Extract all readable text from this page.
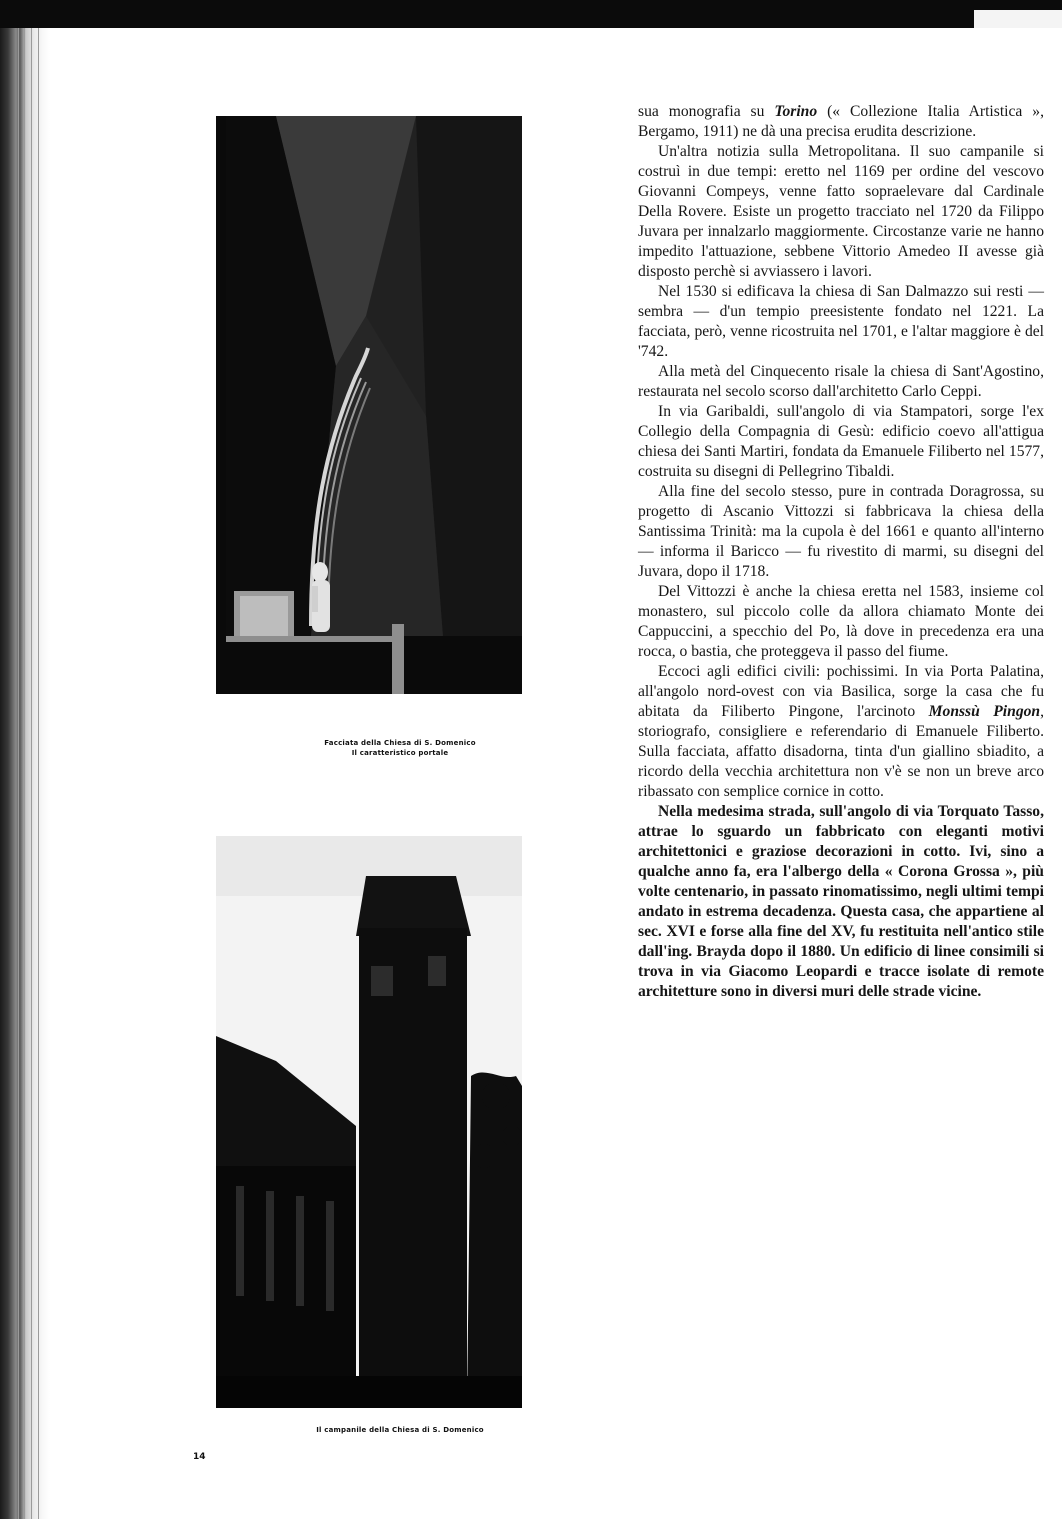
Facciata della Chiesa di S. Domenico
Il caratteristico portale
Il campanile della Chiesa di S. Domenico
14

sua monografia su Torino (« Collezione Italia Artistica », Bergamo, 1911) ne dà una precisa erudita descrizione.

Un'altra notizia sulla Metropolitana. Il suo campanile si costruì in due tempi: eretto nel 1169 per ordine del vescovo Giovanni Compeys, venne fatto sopraelevare dal Cardinale Della Rovere. Esiste un progetto tracciato nel 1720 da Filippo Juvara per innalzarlo maggiormente. Circostanze varie ne hanno impedito l'attuazione, sebbene Vittorio Amedeo II avesse già disposto perchè si avviassero i lavori.

Nel 1530 si edificava la chiesa di San Dalmazzo sui resti — sembra — d'un tempio preesistente fondato nel 1221. La facciata, però, venne ricostruita nel 1701, e l'altar maggiore è del '742.

Alla metà del Cinquecento risale la chiesa di Sant'Agostino, restaurata nel secolo scorso dall'architetto Carlo Ceppi.

In via Garibaldi, sull'angolo di via Stampatori, sorge l'ex Collegio della Compagnia di Gesù: edificio coevo all'attigua chiesa dei Santi Martiri, fondata da Emanuele Filiberto nel 1577, costruita su disegni di Pellegrino Tibaldi.

Alla fine del secolo stesso, pure in contrada Doragrossa, su progetto di Ascanio Vittozzi si fabbricava la chiesa della Santissima Trinità: ma la cupola è del 1661 e quanto all'interno — informa il Baricco — fu rivestito di marmi, su disegni del Juvara, dopo il 1718.

Del Vittozzi è anche la chiesa eretta nel 1583, insieme col monastero, sul piccolo colle da allora chiamato Monte dei Cappuccini, a specchio del Po, là dove in precedenza era una rocca, o bastia, che proteggeva il passo del fiume.

Eccoci agli edifici civili: pochissimi. In via Porta Palatina, all'angolo nord-ovest con via Basilica, sorge la casa che fu abitata da Filiberto Pingone, l'arcinoto Monssù Pingon, storiografo, consigliere e referendario di Emanuele Filiberto. Sulla facciata, affatto disadorna, tinta d'un giallino sbiadito, a ricordo della vecchia architettura non v'è se non un breve arco ribassato con semplice cornice in cotto.

Nella medesima strada, sull'angolo di via Torquato Tasso, attrae lo sguardo un fabbricato con eleganti motivi architettonici e graziose decorazioni in cotto. Ivi, sino a qualche anno fa, era l'albergo della « Corona Grossa », più volte centenario, in passato rinomatissimo, negli ultimi tempi andato in estrema decadenza. Questa casa, che appartiene al sec. XVI e forse alla fine del XV, fu restituita nell'antico stile dall'ing. Brayda dopo il 1880. Un edificio di linee consimili si trova in via Giacomo Leopardi e tracce isolate di remote architetture sono in diversi muri delle strade vicine.
